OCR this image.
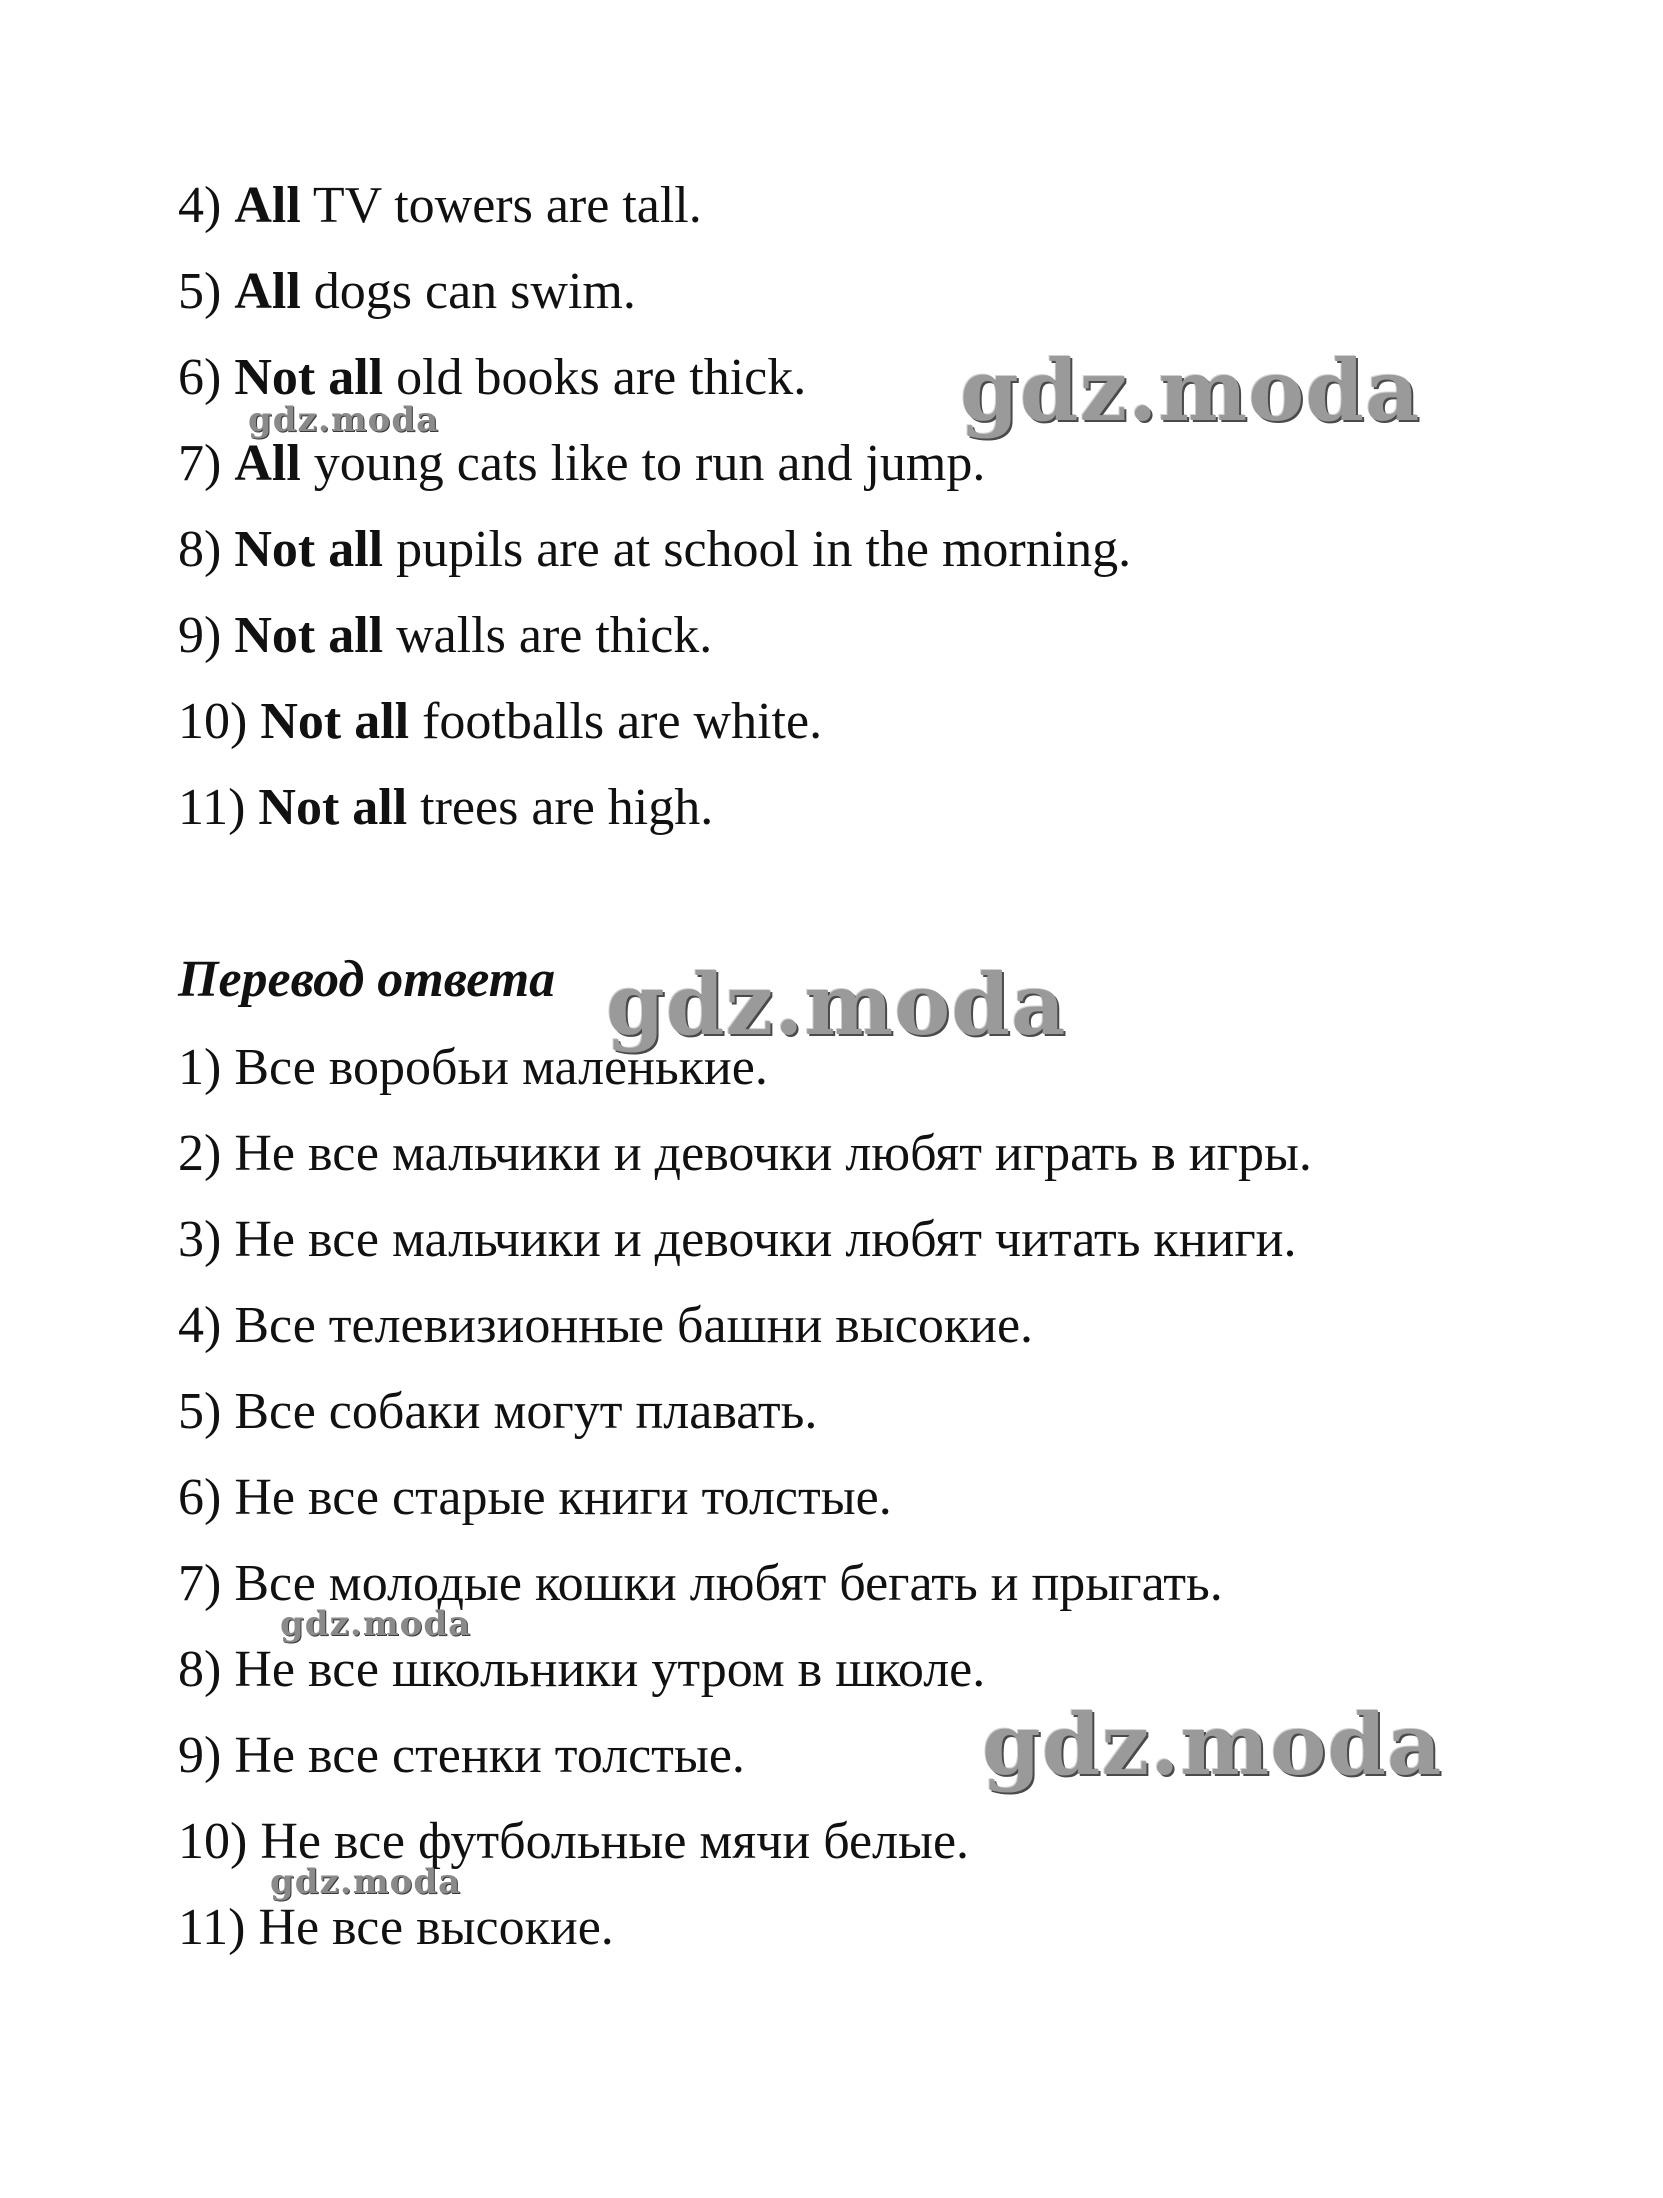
4) All TV towers are tall.
5) All dogs can swim.
6) Not all old books are thick.
7) All young cats like to run and jump.
8) Not all pupils are at school in the morning.
9) Not all walls are thick.
10) Not all footballs are white.
11) Not all trees are high.
Перевод ответа
1) Все воробьи маленькие.
2) Не все мальчики и девочки любят играть в игры.
3) Не все мальчики и девочки любят читать книги.
4) Все телевизионные башни высокие.
5) Все собаки могут плавать.
6) Не все старые книги толстые.
7) Все молодые кошки любят бегать и прыгать.
8) Не все школьники утром в школе.
9) Не все стенки толстые.
10) Не все футбольные мячи белые.
11) Не все высокие.
gdz.moda
gdz.moda
gdz.moda
gdz.moda
gdz.moda
gdz.moda
